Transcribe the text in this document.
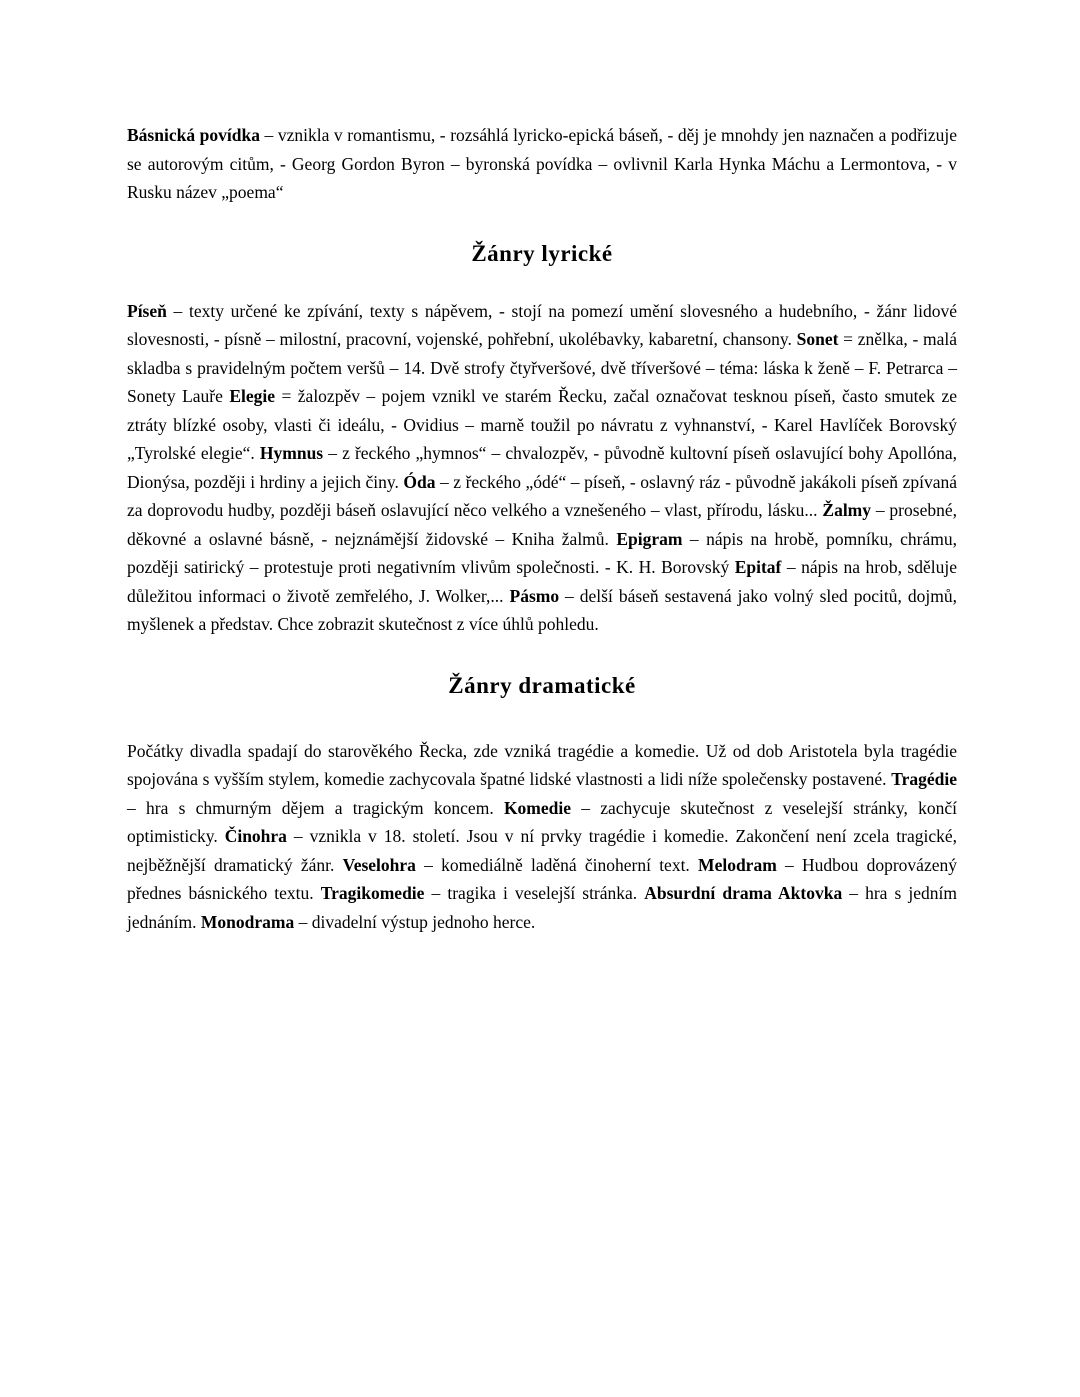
Básnická povídka – vznikla v romantismu, - rozsáhlá lyricko-epická báseň, - děj je mnohdy jen naznačen a podřizuje se autorovým citům, - Georg Gordon Byron – byronská povídka – ovlivnil Karla Hynka Máchu a Lermontova, - v Rusku název „poema“

Žánry lyrické

Píseň – texty určené ke zpívání, texty s nápěvem, - stojí na pomezí umění slovesného a hudebního, - žánr lidové slovesnosti, - písně – milostní, pracovní, vojenské, pohřební, ukolébavky, kabaretní, chansony. Sonet = znělka, - malá skladba s pravidelným počtem veršů – 14. Dvě strofy čtyřveršové, dvě tříveršové – téma: láska k ženě – F. Petrarca – Sonety Lauře Elegie = žalozpěv – pojem vznikl ve starém Řecku, začal označovat tesknou píseň, často smutek ze ztráty blízké osoby, vlasti či ideálu, - Ovidius – marně toužil po návratu z vyhnanství, - Karel Havlíček Borovský „Tyrolské elegie“. Hymnus – z řeckého „hymnos“ – chvalozpěv, - původně kultovní píseň oslavující bohy Apollóna, Dionýsa, později i hrdiny a jejich činy. Óda – z řeckého „ódé“ – píseň, - oslavný ráz - původně jakákoli píseň zpívaná za doprovodu hudby, později báseň oslavující něco velkého a vznešeného – vlast, přírodu, lásku... Žalmy – prosebné, děkovné a oslavné básně, - nejznámější židovské – Kniha žalmů. Epigram – nápis na hrobě, pomníku, chrámu, později satirický – protestuje proti negativním vlivům společnosti. - K. H. Borovský Epitaf – nápis na hrob, sděluje důležitou informaci o životě zemřelého, J. Wolker,... Pásmo – delší báseň sestavená jako volný sled pocitů, dojmů, myšlenek a představ. Chce zobrazit skutečnost z více úhlů pohledu.

Žánry dramatické

Počátky divadla spadají do starověkého Řecka, zde vzniká tragédie a komedie. Už od dob Aristotela byla tragédie spojována s vyšším stylem, komedie zachycovala špatné lidské vlastnosti a lidi níže společensky postavené. Tragédie – hra s chmurným dějem a tragickým koncem. Komedie – zachycuje skutečnost z veselejší stránky, končí optimisticky. Činohra – vznikla v 18. století. Jsou v ní prvky tragédie i komedie. Zakončení není zcela tragické, nejběžnější dramatický žánr. Veselohra – komediálně laděná činoherní text. Melodram – Hudbou doprovázený přednes básnického textu. Tragikomedie – tragika i veselejší stránka. Absurdní drama Aktovka – hra s jedním jednáním. Monodrama – divadelní výstup jednoho herce.
